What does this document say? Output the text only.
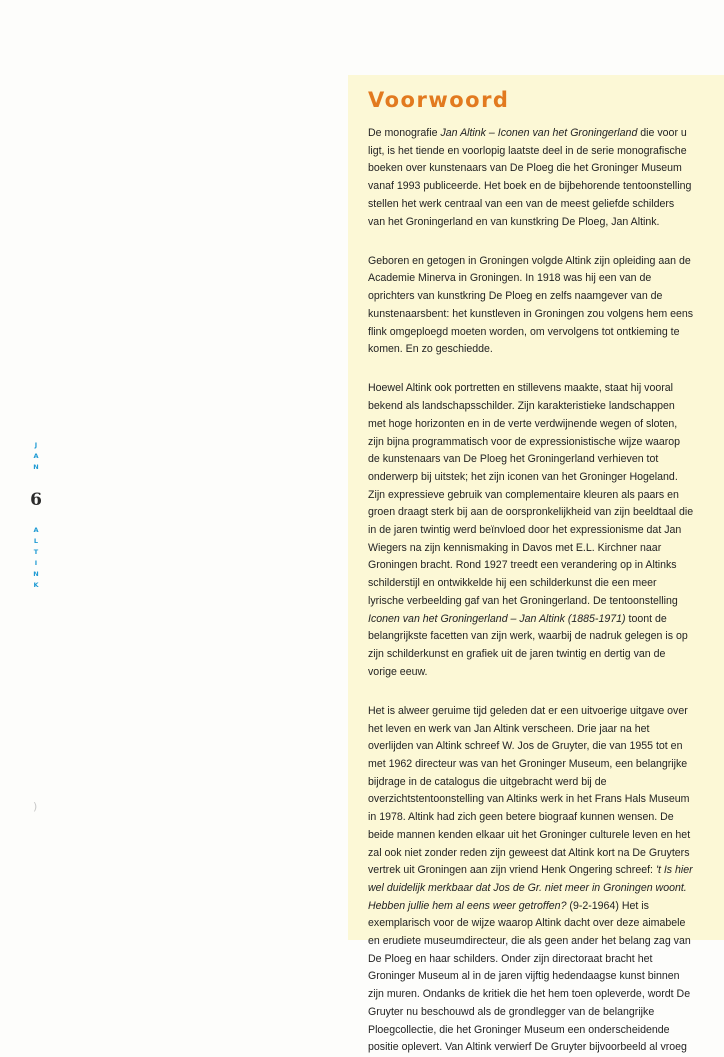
J
A
N
6
A
L
T
I
N
K
)
Voorwoord

De monografie Jan Altink – Iconen van het Groningerland die voor u ligt, is het tiende en voorlopig laatste deel in de serie monografische boeken over kunstenaars van De Ploeg die het Groninger Museum vanaf 1993 publiceerde. Het boek en de bijbehorende tentoonstelling stellen het werk centraal van een van de meest geliefde schilders van het Groningerland en van kunstkring De Ploeg, Jan Altink.

Geboren en getogen in Groningen volgde Altink zijn opleiding aan de Academie Minerva in Groningen. In 1918 was hij een van de oprichters van kunstkring De Ploeg en zelfs naamgever van de kunstenaarsbent: het kunstleven in Groningen zou volgens hem eens flink omgeploegd moeten worden, om vervolgens tot ontkieming te komen. En zo geschiedde.

Hoewel Altink ook portretten en stillevens maakte, staat hij vooral bekend als landschapsschilder. Zijn karakteristieke landschappen met hoge horizonten en in de verte verdwijnende wegen of sloten, zijn bijna programmatisch voor de expressionistische wijze waarop de kunstenaars van De Ploeg het Groningerland verhieven tot onderwerp bij uitstek; het zijn iconen van het Groninger Hogeland. Zijn expressieve gebruik van complementaire kleuren als paars en groen draagt sterk bij aan de oorspronkelijkheid van zijn beeldtaal die in de jaren twintig werd beïnvloed door het expressionisme dat Jan Wiegers na zijn kennismaking in Davos met E.L. Kirchner naar Groningen bracht. Rond 1927 treedt een verandering op in Altinks schilderstijl en ontwikkelde hij een schilderkunst die een meer lyrische verbeelding gaf van het Groningerland. De tentoonstelling Iconen van het Groningerland – Jan Altink (1885-1971) toont de belangrijkste facetten van zijn werk, waarbij de nadruk gelegen is op zijn schilderkunst en grafiek uit de jaren twintig en dertig van de vorige eeuw.

Het is alweer geruime tijd geleden dat er een uitvoerige uitgave over het leven en werk van Jan Altink verscheen. Drie jaar na het overlijden van Altink schreef W. Jos de Gruyter, die van 1955 tot en met 1962 directeur was van het Groninger Museum, een belangrijke bijdrage in de catalogus die uitgebracht werd bij de overzichtstentoonstelling van Altinks werk in het Frans Hals Museum in 1978. Altink had zich geen betere biograaf kunnen wensen. De beide mannen kenden elkaar uit het Groninger culturele leven en het zal ook niet zonder reden zijn geweest dat Altink kort na De Gruyters vertrek uit Groningen aan zijn vriend Henk Ongering schreef: 't Is hier wel duidelijk merkbaar dat Jos de Gr. niet meer in Groningen woont. Hebben jullie hem al eens weer getroffen? (9-2-1964) Het is exemplarisch voor de wijze waarop Altink dacht over deze aimabele en erudiete museumdirecteur, die als geen ander het belang zag van De Ploeg en haar schilders. Onder zijn directoraat bracht het Groninger Museum al in de jaren vijftig hedendaagse kunst binnen zijn muren. Ondanks de kritiek die het hem toen opleverde, wordt De Gruyter nu beschouwd als de grondlegger van de belangrijke Ploegcollectie, die het Groninger Museum een onderscheidende positie oplevert. Van Altink verwierf De Gruyter bijvoorbeeld al vroeg
